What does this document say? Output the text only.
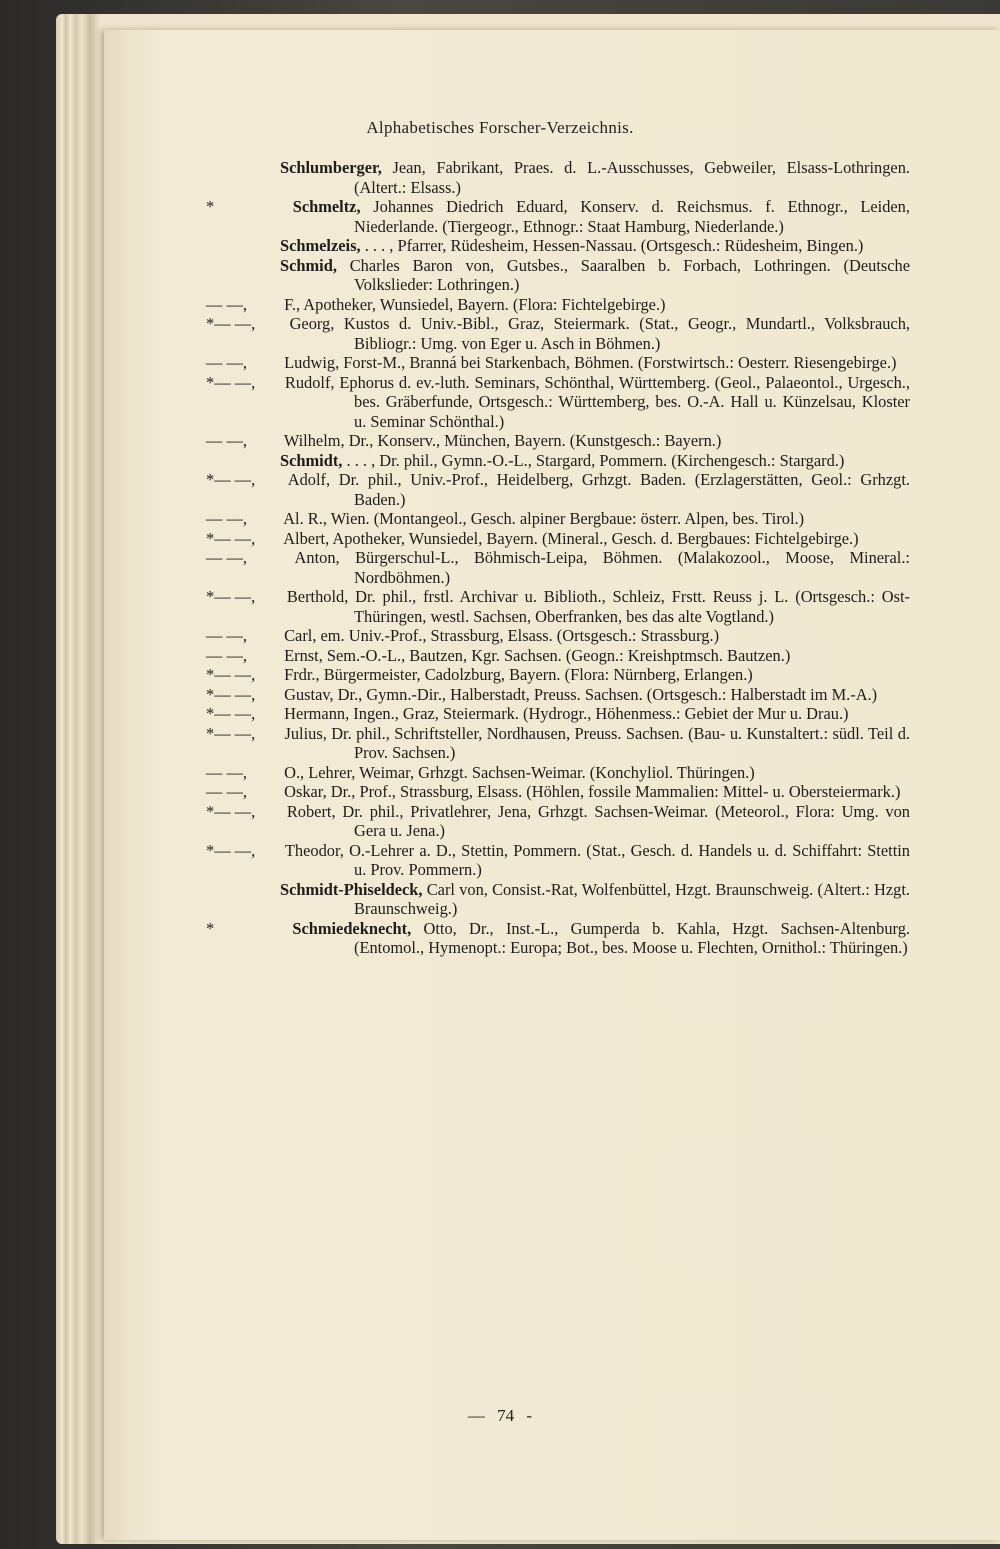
Alphabetisches Forscher-Verzeichnis.

Schlumberger, Jean, Fabrikant, Praes. d. L.-Ausschusses, Gebweiler, Elsass-Lothringen. (Altert.: Elsass.)

Schmeltz, Johannes Diedrich Eduard, Konserv. d. Reichsmus. f. Ethnogr., Leiden, Niederlande. (Tiergeogr., Ethnogr.: Staat Hamburg, Niederlande.)

Schmelzeis, . . . , Pfarrer, Rüdesheim, Hessen-Nassau. (Ortsgesch.: Rüdesheim, Bingen.)

Schmid, Charles Baron von, Gutsbes., Saaralben b. Forbach, Lothringen. (Deutsche Volkslieder: Lothringen.)

F., Apotheker, Wunsiedel, Bayern. (Flora: Fichtelgebirge.)

Georg, Kustos d. Univ.-Bibl., Graz, Steiermark. (Stat., Geogr., Mundartl., Volksbrauch, Bibliogr.: Umg. von Eger u. Asch in Böhmen.)

Ludwig, Forst-M., Branná bei Starkenbach, Böhmen. (Forstwirtsch.: Oesterr. Riesengebirge.)

Rudolf, Ephorus d. ev.-luth. Seminars, Schönthal, Württemberg. (Geol., Palaeontol., Urgesch., bes. Gräberfunde, Ortsgesch.: Württemberg, bes. O.-A. Hall u. Künzelsau, Kloster u. Seminar Schönthal.)

Wilhelm, Dr., Konserv., München, Bayern. (Kunstgesch.: Bayern.)

Schmidt, . . . , Dr. phil., Gymn.-O.-L., Stargard, Pommern. (Kirchengesch.: Stargard.)

Adolf, Dr. phil., Univ.-Prof., Heidelberg, Grhzgt. Baden. (Erzlagerstätten, Geol.: Grhzgt. Baden.)

Al. R., Wien. (Montangeol., Gesch. alpiner Bergbaue: österr. Alpen, bes. Tirol.)

Albert, Apotheker, Wunsiedel, Bayern. (Mineral., Gesch. d. Bergbaues: Fichtelgebirge.)

Anton, Bürgerschul-L., Böhmisch-Leipa, Böhmen. (Malakozool., Moose, Mineral.: Nordböhmen.)

Berthold, Dr. phil., frstl. Archivar u. Biblioth., Schleiz, Frstt. Reuss j. L. (Ortsgesch.: Ost-Thüringen, westl. Sachsen, Oberfranken, bes das alte Vogtland.)

Carl, em. Univ.-Prof., Strassburg, Elsass. (Ortsgesch.: Strassburg.)

Ernst, Sem.-O.-L., Bautzen, Kgr. Sachsen. (Geogn.: Kreishptmsch. Bautzen.)

Frdr., Bürgermeister, Cadolzburg, Bayern. (Flora: Nürnberg, Erlangen.)

Gustav, Dr., Gymn.-Dir., Halberstadt, Preuss. Sachsen. (Ortsgesch.: Halberstadt im M.-A.)

Hermann, Ingen., Graz, Steiermark. (Hydrogr., Höhenmess.: Gebiet der Mur u. Drau.)

Julius, Dr. phil., Schriftsteller, Nordhausen, Preuss. Sachsen. (Bau- u. Kunstaltert.: südl. Teil d. Prov. Sachsen.)

O., Lehrer, Weimar, Grhzgt. Sachsen-Weimar. (Konchyliol. Thüringen.)

Oskar, Dr., Prof., Strassburg, Elsass. (Höhlen, fossile Mammalien: Mittel- u. Obersteiermark.)

Robert, Dr. phil., Privatlehrer, Jena, Grhzgt. Sachsen-Weimar. (Meteorol., Flora: Umg. von Gera u. Jena.)

Theodor, O.-Lehrer a. D., Stettin, Pommern. (Stat., Gesch. d. Handels u. d. Schiffahrt: Stettin u. Prov. Pommern.)

Schmidt-Phiseldeck, Carl von, Consist.-Rat, Wolfenbüttel, Hzgt. Braunschweig. (Altert.: Hzgt. Braunschweig.)

Schmiedeknecht, Otto, Dr., Inst.-L., Gumperda b. Kahla, Hzgt. Sachsen-Altenburg. (Entomol., Hymenopt.: Europa; Bot., bes. Moose u. Flechten, Ornithol.: Thüringen.)

— 74 -
